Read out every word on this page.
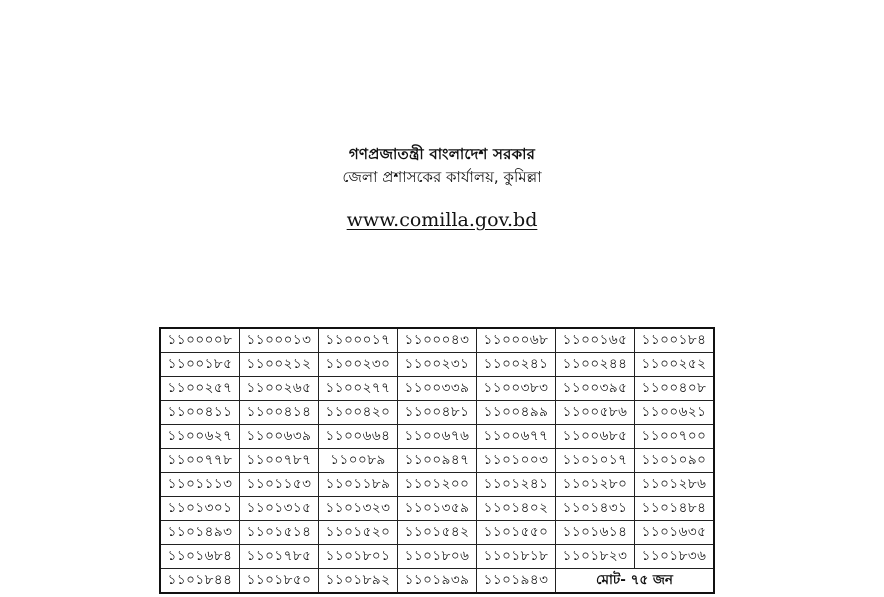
গণপ্রজাতন্ত্রী বাংলাদেশ সরকার
জেলা প্রশাসকের কার্যালয়, কুমিল্লা
www.comilla.gov.bd
১১০০০০৮	১১০০০১৩	১১০০০১৭	১১০০০৪৩	১১০০০৬৮	১১০০১৬৫	১১০০১৮৪
১১০০১৮৫	১১০০২১২	১১০০২৩০	১১০০২৩১	১১০০২৪১	১১০০২৪৪	১১০০২৫২
১১০০২৫৭	১১০০২৬৫	১১০০২৭৭	১১০০৩৩৯	১১০০৩৮৩	১১০০৩৯৫	১১০০৪০৮
১১০০৪১১	১১০০৪১৪	১১০০৪২০	১১০০৪৮১	১১০০৪৯৯	১১০০৫৮৬	১১০০৬২১
১১০০৬২৭	১১০০৬৩৯	১১০০৬৬৪	১১০০৬৭৬	১১০০৬৭৭	১১০০৬৮৫	১১০০৭০০
১১০০৭৭৮	১১০০৭৮৭	১১০০৮৯	১১০০৯৪৭	১১০১০০৩	১১০১০১৭	১১০১০৯০
১১০১১১৩	১১০১১৫৩	১১০১১৮৯	১১০১২০০	১১০১২৪১	১১০১২৮০	১১০১২৮৬
১১০১৩০১	১১০১৩১৫	১১০১৩২৩	১১০১৩৫৯	১১০১৪০২	১১০১৪৩১	১১০১৪৮৪
১১০১৪৯৩	১১০১৫১৪	১১০১৫২০	১১০১৫৪২	১১০১৫৫০	১১০১৬১৪	১১০১৬৩৫
১১০১৬৮৪	১১০১৭৮৫	১১০১৮০১	১১০১৮০৬	১১০১৮১৮	১১০১৮২৩	১১০১৮৩৬
১১০১৮৪৪	১১০১৮৫০	১১০১৮৯২	১১০১৯৩৯	১১০১৯৪৩	মোট- ৭৫ জন	
